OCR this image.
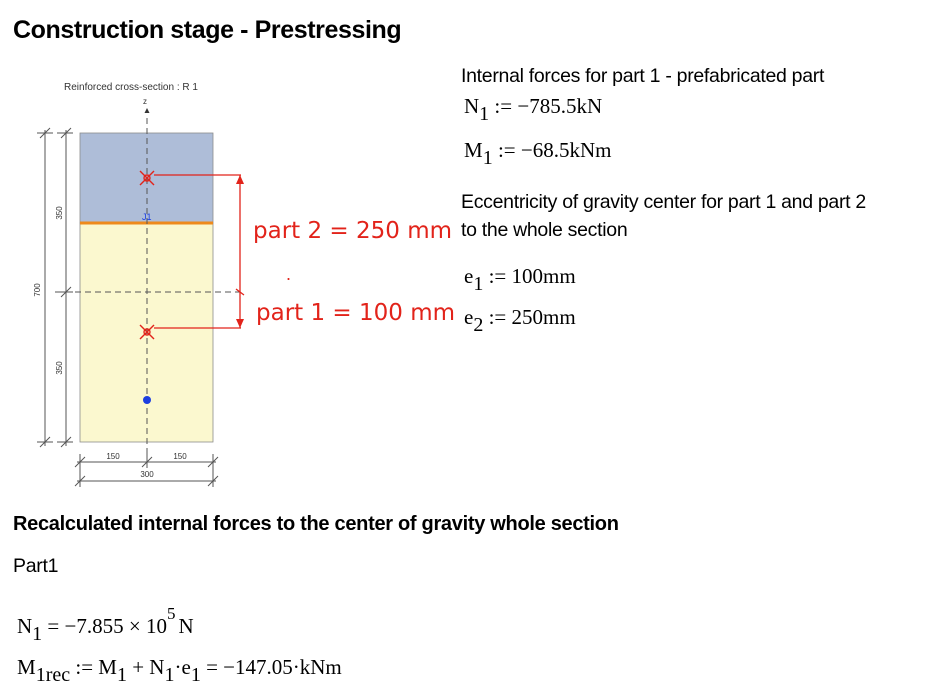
Construction stage - Prestressing
Reinforced cross-section : R 1
z
J1
350
350
700
150	150
300
part 2 = 250 mm
part 1 = 100 mm
.
Internal forces for part 1 - prefabricated part
$N_1$ := −785.5kN
$M_1$ := −68.5kNm
Eccentricity of gravity center for part 1 and part 2
to the whole section
$e_1$ := 100mm
$e_2$ := 250mm
Recalculated internal forces to the center of gravity whole section
Part1
$N_1 = -7.855 \times 10^5N$
$M_{1rec}$ := $M_1 + N_1\cdot e_1 = -147.05\cdot kNm$
